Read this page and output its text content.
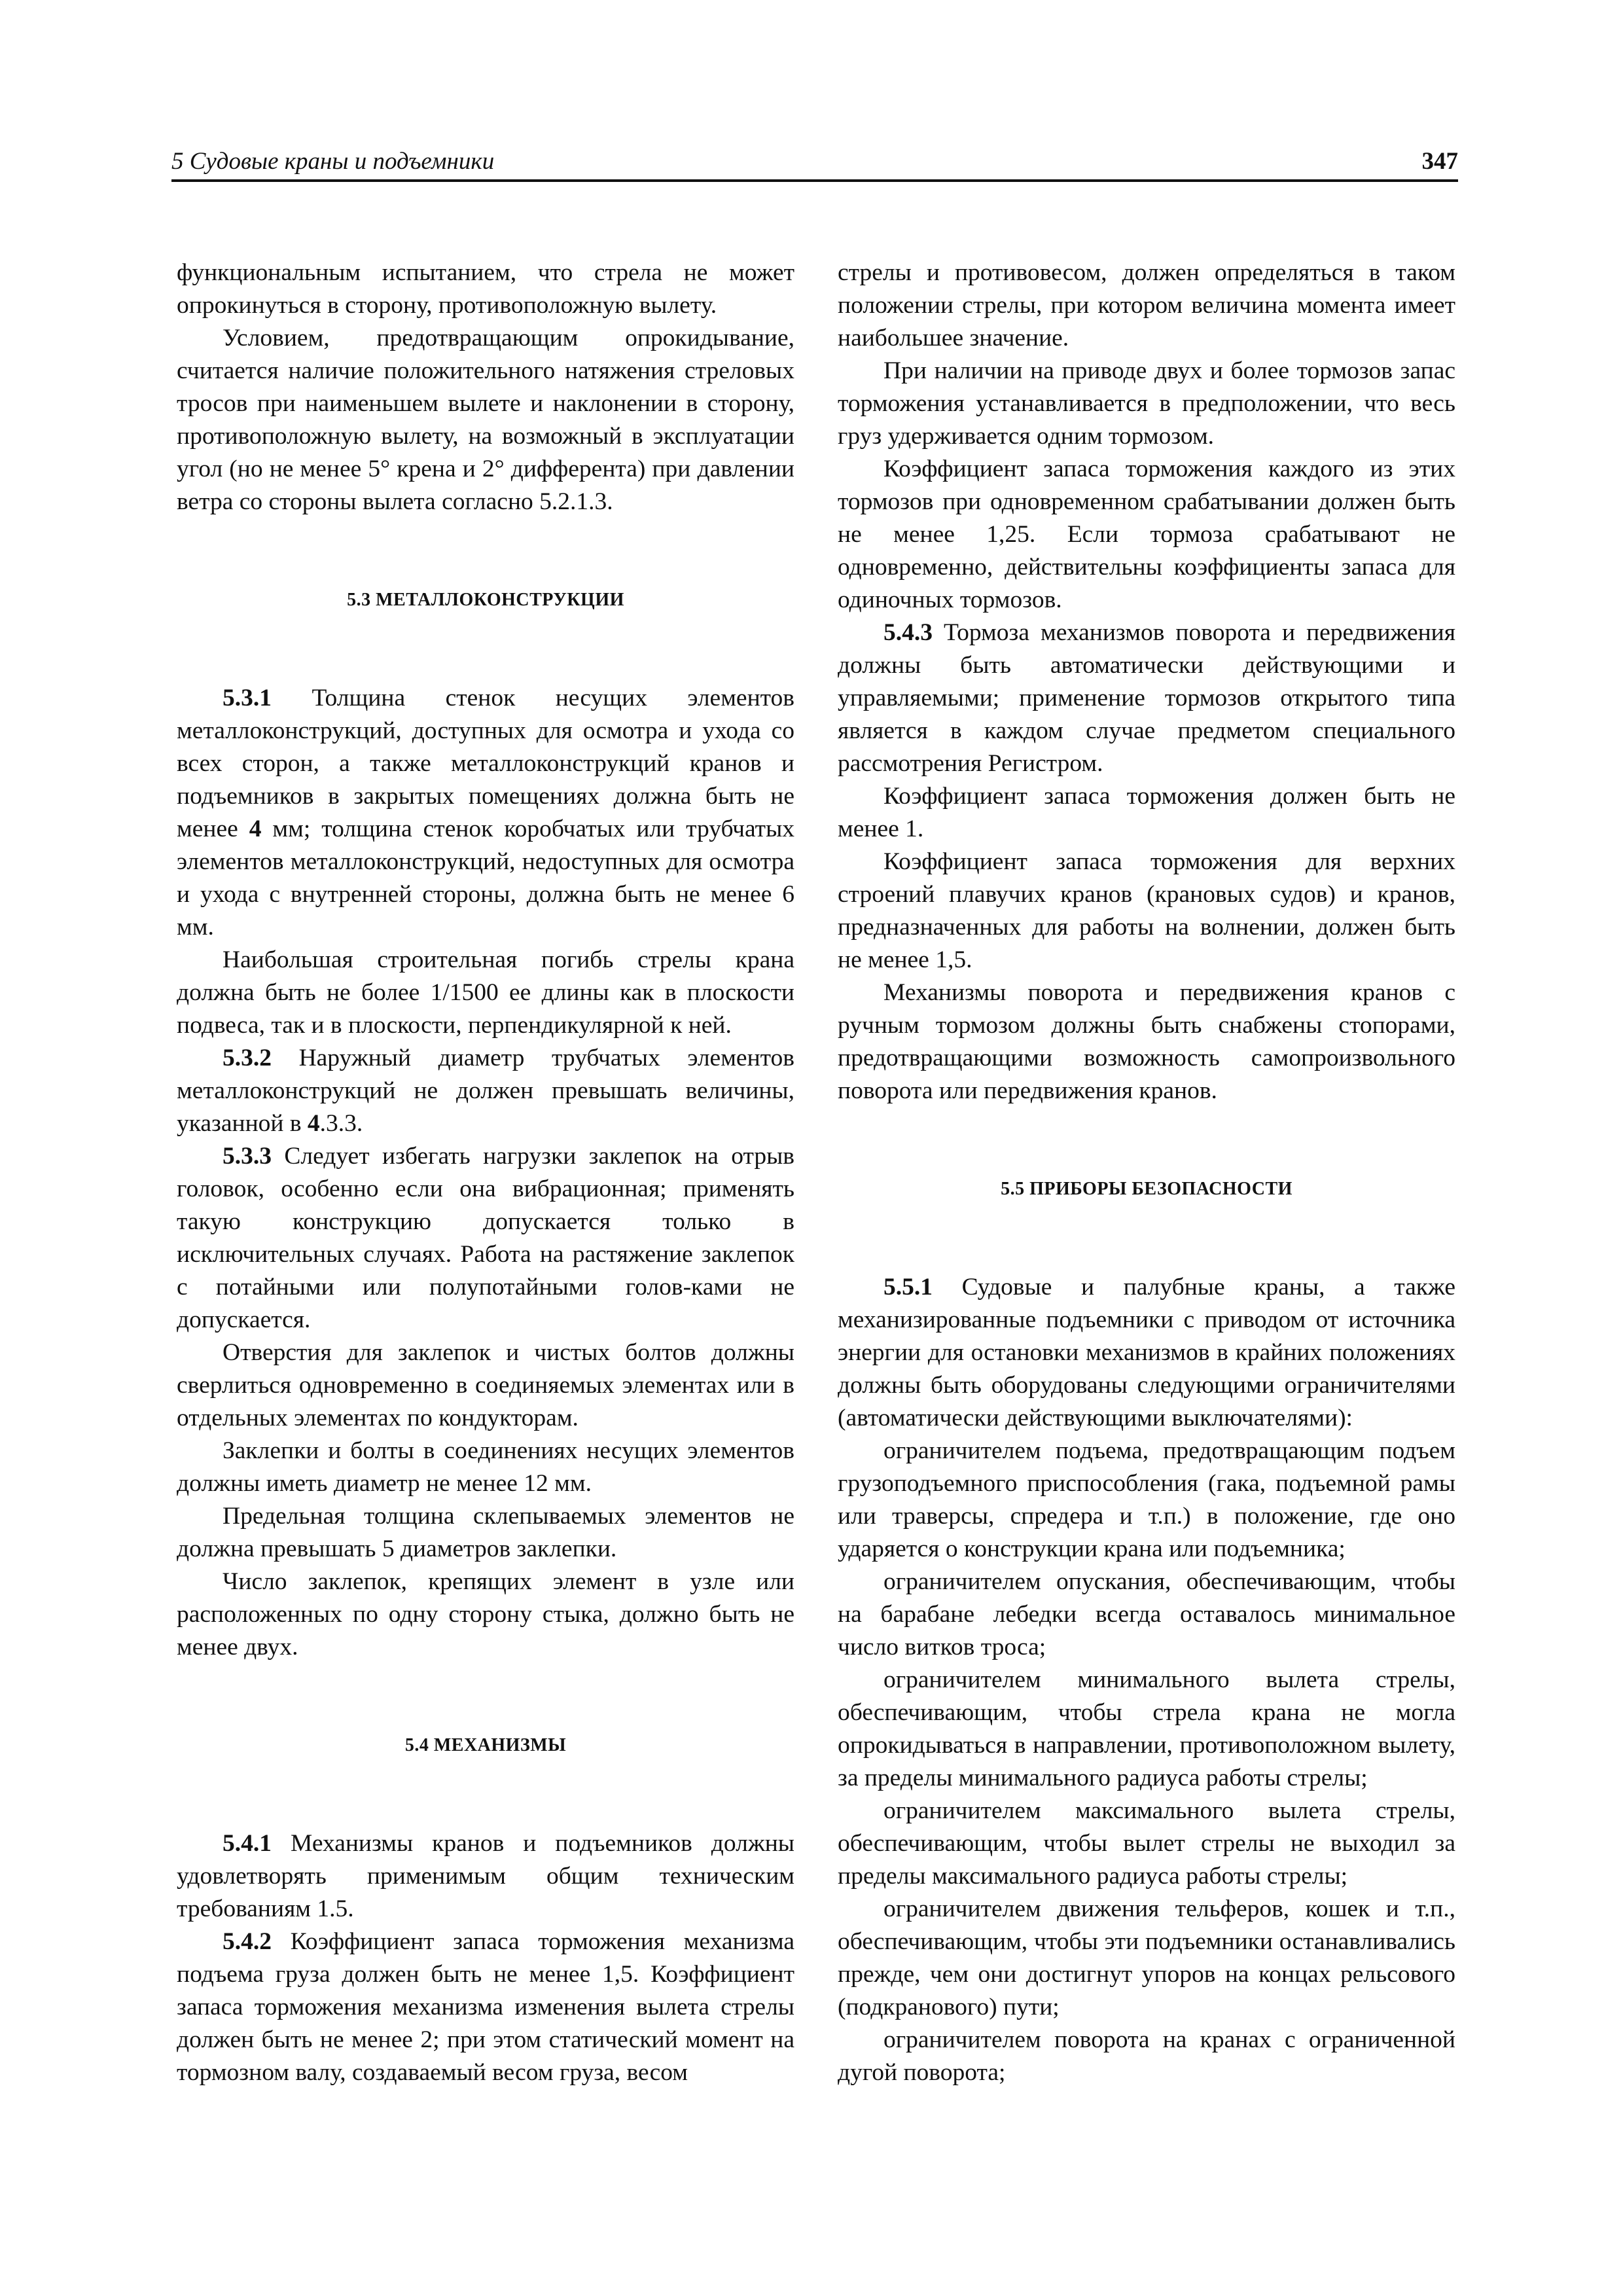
5 Судовые краны и подъемники	347

функциональным испытанием, что стрела не может опрокинуться в сторону, противоположную вылету.

Условием, предотвращающим опрокидывание, считается наличие положительного натяжения стреловых тросов при наименьшем вылете и наклонении в сторону, противоположную вылету, на возможный в эксплуатации угол (но не менее 5° крена и 2° дифферента) при давлении ветра со стороны вылета согласно 5.2.1.3.

5.3 МЕТАЛЛОКОНСТРУКЦИИ

5.3.1 Толщина стенок несущих элементов металлоконструкций, доступных для осмотра и ухода со всех сторон, а также металлоконструкций кранов и подъемников в закрытых помещениях должна быть не менее 4 мм; толщина стенок коробчатых или трубчатых элементов металлоконструкций, недоступных для осмотра и ухода с внутренней стороны, должна быть не менее 6 мм.

Наибольшая строительная погибь стрелы крана должна быть не более 1/1500 ее длины как в плоскости подвеса, так и в плоскости, перпендикулярной к ней.

5.3.2 Наружный диаметр трубчатых элементов металлоконструкций не должен превышать величины, указанной в 4.3.3.

5.3.3 Следует избегать нагрузки заклепок на отрыв головок, особенно если она вибрационная; применять такую конструкцию допускается только в исключительных случаях. Работа на растяжение заклепок с потайными или полупотайными голов-ками не допускается.

Отверстия для заклепок и чистых болтов должны сверлиться одновременно в соединяемых элементах или в отдельных элементах по кондукторам.

Заклепки и болты в соединениях несущих элементов должны иметь диаметр не менее 12 мм.

Предельная толщина склепываемых элементов не должна превышать 5 диаметров заклепки.

Число заклепок, крепящих элемент в узле или расположенных по одну сторону стыка, должно быть не менее двух.

5.4 МЕХАНИЗМЫ

5.4.1 Механизмы кранов и подъемников должны удовлетворять применимым общим техническим требованиям 1.5.

5.4.2 Коэффициент запаса торможения механизма подъема груза должен быть не менее 1,5. Коэффициент запаса торможения механизма изменения вылета стрелы должен быть не менее 2; при этом статический момент на тормозном валу, создаваемый весом груза, весом

стрелы и противовесом, должен определяться в таком положении стрелы, при котором величина момента имеет наибольшее значение.

При наличии на приводе двух и более тормозов запас торможения устанавливается в предположении, что весь груз удерживается одним тормозом.

Коэффициент запаса торможения каждого из этих тормозов при одновременном срабатывании должен быть не менее 1,25. Если тормоза срабатывают не одновременно, действительны коэффициенты запаса для одиночных тормозов.

5.4.3 Тормоза механизмов поворота и передвижения должны быть автоматически действующими и управляемыми; применение тормозов открытого типа является в каждом случае предметом специального рассмотрения Регистром.

Коэффициент запаса торможения должен быть не менее 1.

Коэффициент запаса торможения для верхних строений плавучих кранов (крановых судов) и кранов, предназначенных для работы на волнении, должен быть не менее 1,5.

Механизмы поворота и передвижения кранов с ручным тормозом должны быть снабжены стопорами, предотвращающими возможность самопроизвольного поворота или передвижения кранов.

5.5 ПРИБОРЫ БЕЗОПАСНОСТИ

5.5.1 Судовые и палубные краны, а также механизированные подъемники с приводом от источника энергии для остановки механизмов в крайних положениях должны быть оборудованы следующими ограничителями (автоматически действующими выключателями):

ограничителем подъема, предотвращающим подъем грузоподъемного приспособления (гака, подъемной рамы или траверсы, спредера и т.п.) в положение, где оно ударяется о конструкции крана или подъемника;

ограничителем опускания, обеспечивающим, чтобы на барабане лебедки всегда оставалось минимальное число витков троса;

ограничителем минимального вылета стрелы, обеспечивающим, чтобы стрела крана не могла опрокидываться в направлении, противоположном вылету, за пределы минимального радиуса работы стрелы;

ограничителем максимального вылета стрелы, обеспечивающим, чтобы вылет стрелы не выходил за пределы максимального радиуса работы стрелы;

ограничителем движения тельферов, кошек и т.п., обеспечивающим, чтобы эти подъемники останавливались прежде, чем они достигнут упоров на концах рельсового (подкранового) пути;

ограничителем поворота на кранах с ограниченной дугой поворота;
